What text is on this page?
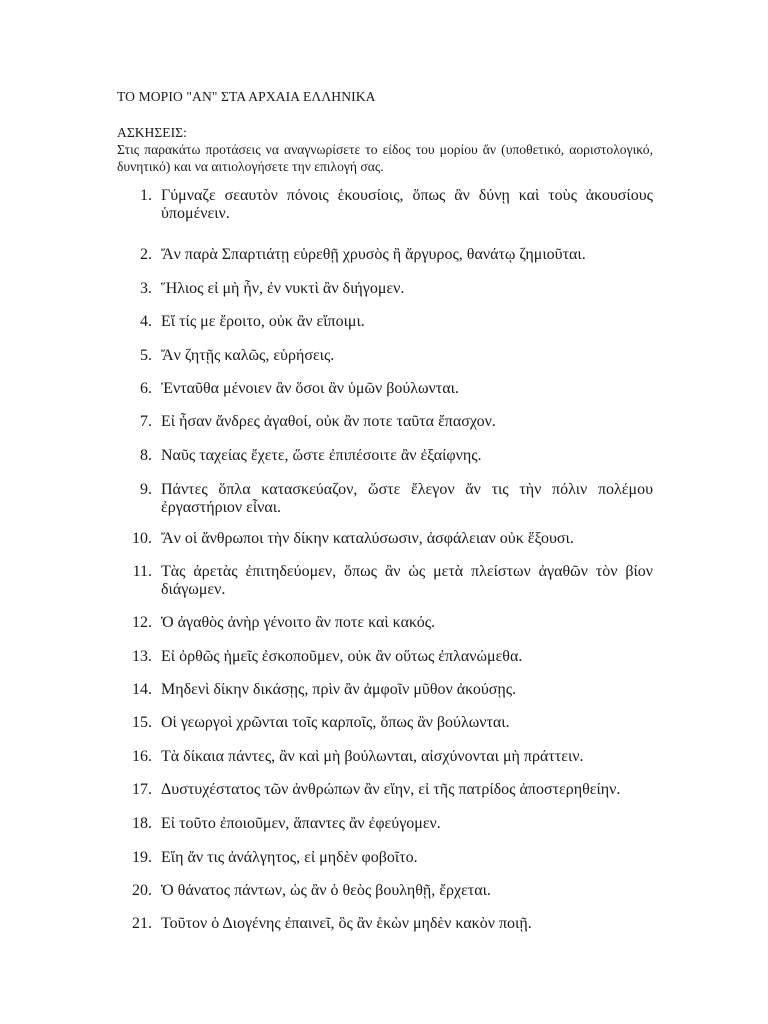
ΤΟ ΜΟΡΙΟ "ΑΝ" ΣΤΑ ΑΡΧΑΙΑ ΕΛΛΗΝΙΚΑ
ΑΣΚΗΣΕΙΣ:
Στις παρακάτω προτάσεις να αναγνωρίσετε το είδος του μορίου ἄν (υποθετικό, αοριστολογικό, δυνητικό) και να αιτιολογήσετε την επιλογή σας.
1. Γύμναζε σεαυτὸν πόνοις ἑκουσίοις, ὅπως ἂν δύνῃ καὶ τοὺς ἀκουσίους ὑπομένειν.
2. Ἄν παρὰ Σπαρτιάτῃ εὑρεθῇ χρυσὸς ἢ ἄργυρος, θανάτῳ ζημιοῦται.
3. Ἥλιος εἰ μὴ ἦν, ἐν νυκτὶ ἂν διήγομεν.
4. Εἴ τίς με ἔροιτο, οὐκ ἂν εἴποιμι.
5. Ἄν ζητῇς καλῶς, εὑρήσεις.
6. Ἐνταῦθα μένοιεν ἂν ὅσοι ἂν ὑμῶν βούλωνται.
7. Εἰ ἦσαν ἄνδρες ἀγαθοί, οὐκ ἂν ποτε ταῦτα ἔπασχον.
8. Ναῦς ταχείας ἔχετε, ὥστε ἐπιπέσοιτε ἂν ἐξαίφνης.
9. Πάντες ὅπλα κατασκεύαζον, ὥστε ἔλεγον ἄν τις τὴν πόλιν πολέμου ἐργαστήριον εἶναι.
10. Ἄν οἱ ἄνθρωποι τὴν δίκην καταλύσωσιν, ἀσφάλειαν οὐκ ἕξουσι.
11. Τὰς ἀρετὰς ἐπιτηδεύομεν, ὅπως ἂν ὡς μετὰ πλείστων ἀγαθῶν τὸν βίον διάγωμεν.
12. Ὁ ἀγαθὸς ἀνὴρ γένοιτο ἂν ποτε καὶ κακός.
13. Εἰ ὀρθῶς ἡμεῖς ἐσκοποῦμεν, οὐκ ἂν οὕτως ἐπλανώμεθα.
14. Μηδενὶ δίκην δικάσῃς, πρὶν ἂν ἀμφοῖν μῦθον ἀκούσῃς.
15. Οἱ γεωργοὶ χρῶνται τοῖς καρποῖς, ὅπως ἂν βούλωνται.
16. Τὰ δίκαια πάντες, ἂν καὶ μὴ βούλωνται, αἰσχύνονται μὴ πράττειν.
17. Δυστυχέστατος τῶν ἀνθρώπων ἂν εἴην, εἰ τῆς πατρίδος ἀποστερηθείην.
18. Εἰ τοῦτο ἐποιοῦμεν, ἅπαντες ἂν ἐφεύγομεν.
19. Εἴη ἄν τις ἀνάλγητος, εἰ μηδὲν φοβοῖτο.
20. Ὁ θάνατος πάντων, ὡς ἂν ὁ θεὸς βουληθῇ, ἔρχεται.
21. Τοῦτον ὁ Διογένης ἐπαινεῖ, ὃς ἂν ἑκὼν μηδὲν κακὸν ποιῇ.
